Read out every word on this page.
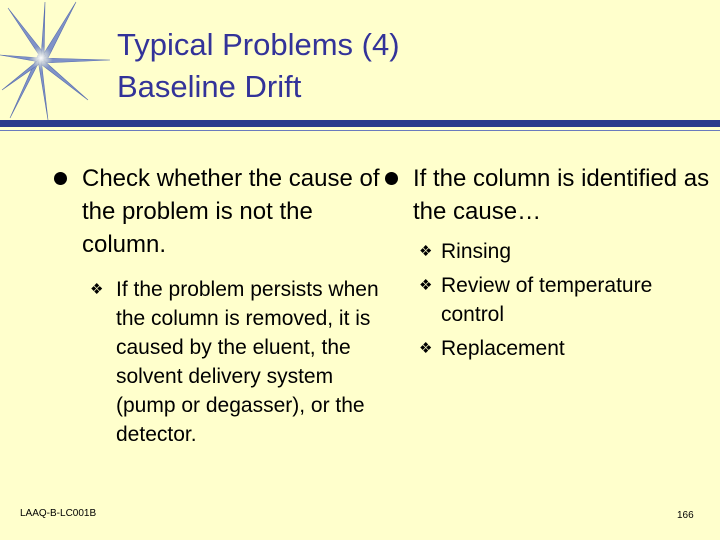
Typical Problems (4)
Baseline Drift
Check whether the cause of the problem is not the column.
❖ If the problem persists when the column is removed, it is caused by the eluent, the solvent delivery system (pump or degasser), or the detector.
If the column is identified as the cause…
❖ Rinsing
❖ Review of temperature control
❖ Replacement
LAAQ-B-LC001B	166
